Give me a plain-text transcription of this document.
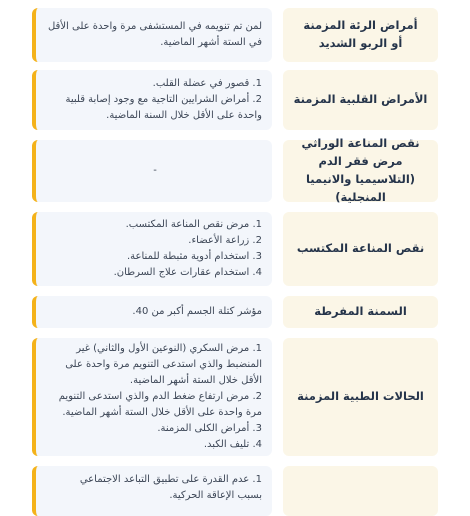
لمن تم تنويمه في المستشفى مرة واحدة على الأقل في الستة أشهر الماضية.
أمراض الرئة المزمنة أو الربو الشديد
1. قصور في عضلة القلب.
2. أمراض الشرايين التاجية مع وجود إصابة قلبية واحدة على الأقل خلال السنة الماضية.
الأمراض القلبية المزمنة
-
نقص المناعة الوراثي مرض فقر الدم (التلاسيميا والانيميا المنجلية)
1. مرض نقص المناعة المكتسب.
2. زراعة الأعضاء.
3. استخدام أدوية مثبطة للمناعة.
4. استخدام عقارات علاج السرطان.
نقص المناعة المكتسب
مؤشر كتلة الجسم أكبر من 40.	السمنة المفرطة
1. مرض السكري (النوعين الأول والثاني) غير المنضبط والذي استدعى التنويم مرة واحدة على الأقل خلال الستة أشهر الماضية.
2. مرض ارتفاع ضغط الدم والذي استدعى التنويم مرة واحدة على الأقل خلال الستة أشهر الماضية.
3. أمراض الكلى المزمنة.
4. تليف الكبد.
الحالات الطبية المزمنة
1. عدم القدرة على تطبيق التباعد الاجتماعي
بسبب الإعاقة الحركية.
